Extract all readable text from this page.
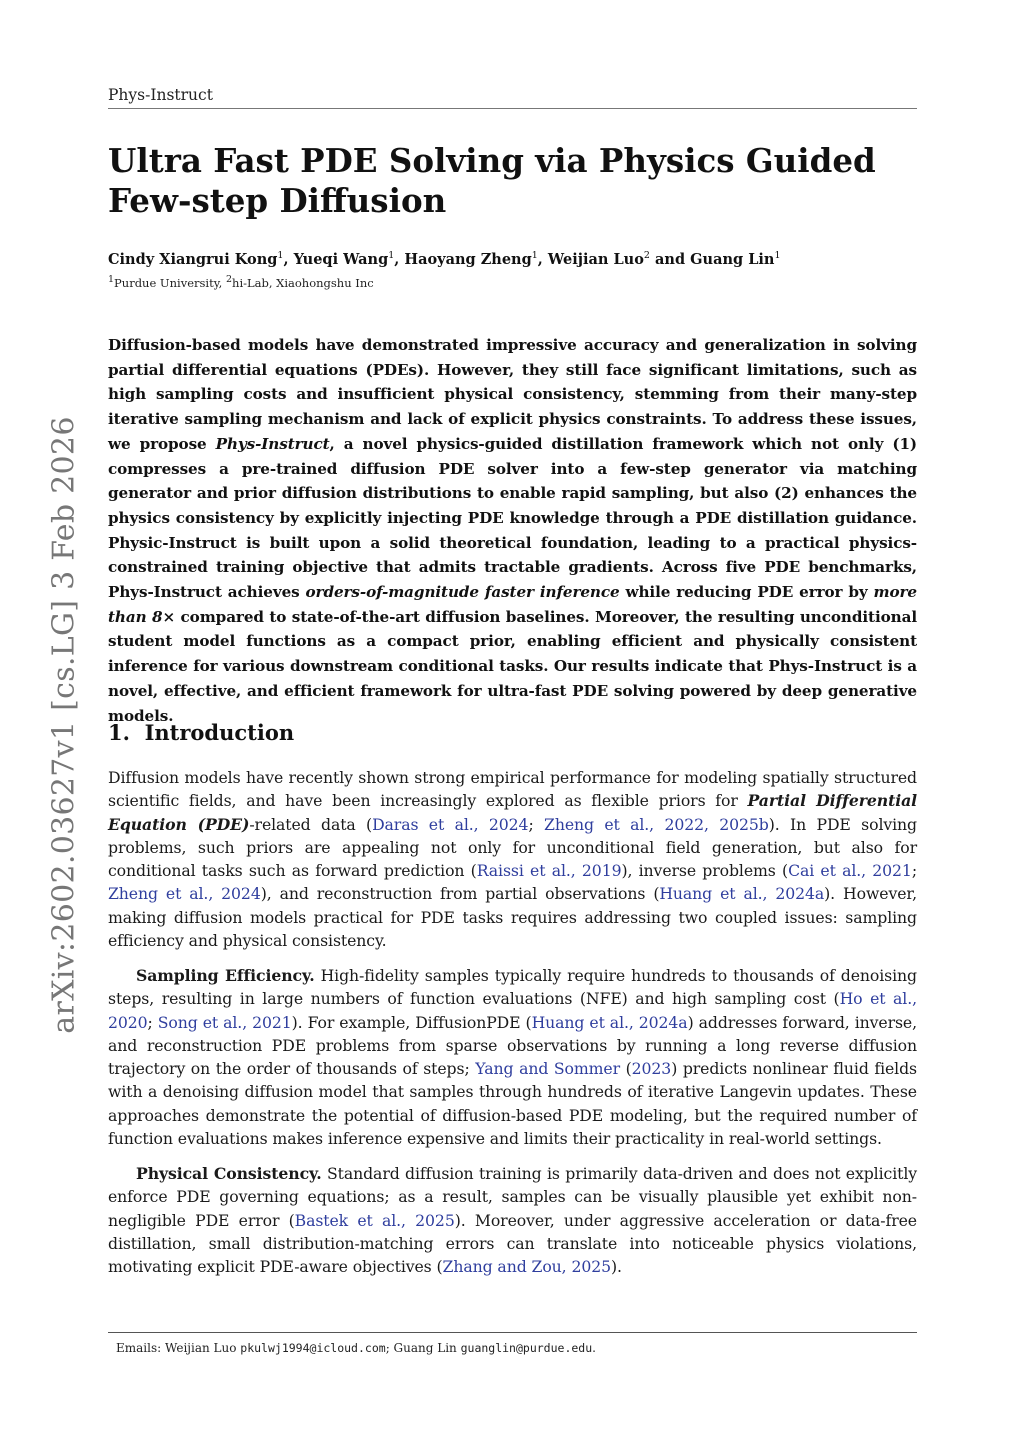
Phys-Instruct
Ultra Fast PDE Solving via Physics Guided Few-step Diffusion
Cindy Xiangrui Kong$^1$, Yueqi Wang$^1$, Haoyang Zheng$^1$, Weijian Luo$^2$ and Guang Lin$^1$
$^1$Purdue University, $^2$hi-Lab, Xiaohongshu Inc
Diffusion-based models have demonstrated impressive accuracy and generalization in solving partial differential equations (PDEs). However, they still face significant limitations, such as high sampling costs and insufficient physical consistency, stemming from their many-step iterative sampling mechanism and lack of explicit physics constraints. To address these issues, we propose Phys-Instruct, a novel physics-guided distillation framework which not only (1) compresses a pre-trained diffusion PDE solver into a few-step generator via matching generator and prior diffusion distributions to enable rapid sampling, but also (2) enhances the physics consistency by explicitly injecting PDE knowledge through a PDE distillation guidance. Physic-Instruct is built upon a solid theoretical foundation, leading to a practical physics-constrained training objective that admits tractable gradients. Across five PDE benchmarks, Phys-Instruct achieves orders-of-magnitude faster inference while reducing PDE error by more than 8× compared to state-of-the-art diffusion baselines. Moreover, the resulting unconditional student model functions as a compact prior, enabling efficient and physically consistent inference for various downstream conditional tasks. Our results indicate that Phys-Instruct is a novel, effective, and efficient framework for ultra-fast PDE solving powered by deep generative models.
1. Introduction
Diffusion models have recently shown strong empirical performance for modeling spatially structured scientific fields, and have been increasingly explored as flexible priors for Partial Differential Equation (PDE)-related data (Daras et al., 2024; Zheng et al., 2022, 2025b). In PDE solving problems, such priors are appealing not only for unconditional field generation, but also for conditional tasks such as forward prediction (Raissi et al., 2019), inverse problems (Cai et al., 2021; Zheng et al., 2024), and reconstruction from partial observations (Huang et al., 2024a). However, making diffusion models practical for PDE tasks requires addressing two coupled issues: sampling efficiency and physical consistency.
Sampling Efficiency. High-fidelity samples typically require hundreds to thousands of denoising steps, resulting in large numbers of function evaluations (NFE) and high sampling cost (Ho et al., 2020; Song et al., 2021). For example, DiffusionPDE (Huang et al., 2024a) addresses forward, inverse, and reconstruction PDE problems from sparse observations by running a long reverse diffusion trajectory on the order of thousands of steps; Yang and Sommer (2023) predicts nonlinear fluid fields with a denoising diffusion model that samples through hundreds of iterative Langevin updates. These approaches demonstrate the potential of diffusion-based PDE modeling, but the required number of function evaluations makes inference expensive and limits their practicality in real-world settings.
Physical Consistency. Standard diffusion training is primarily data-driven and does not explicitly enforce PDE governing equations; as a result, samples can be visually plausible yet exhibit non-negligible PDE error (Bastek et al., 2025). Moreover, under aggressive acceleration or data-free distillation, small distribution-matching errors can translate into noticeable physics violations, motivating explicit PDE-aware objectives (Zhang and Zou, 2025).
arXiv:2602.03627v1 [cs.LG] 3 Feb 2026
Emails: Weijian Luo pkulwj1994@icloud.com; Guang Lin guanglin@purdue.edu.
